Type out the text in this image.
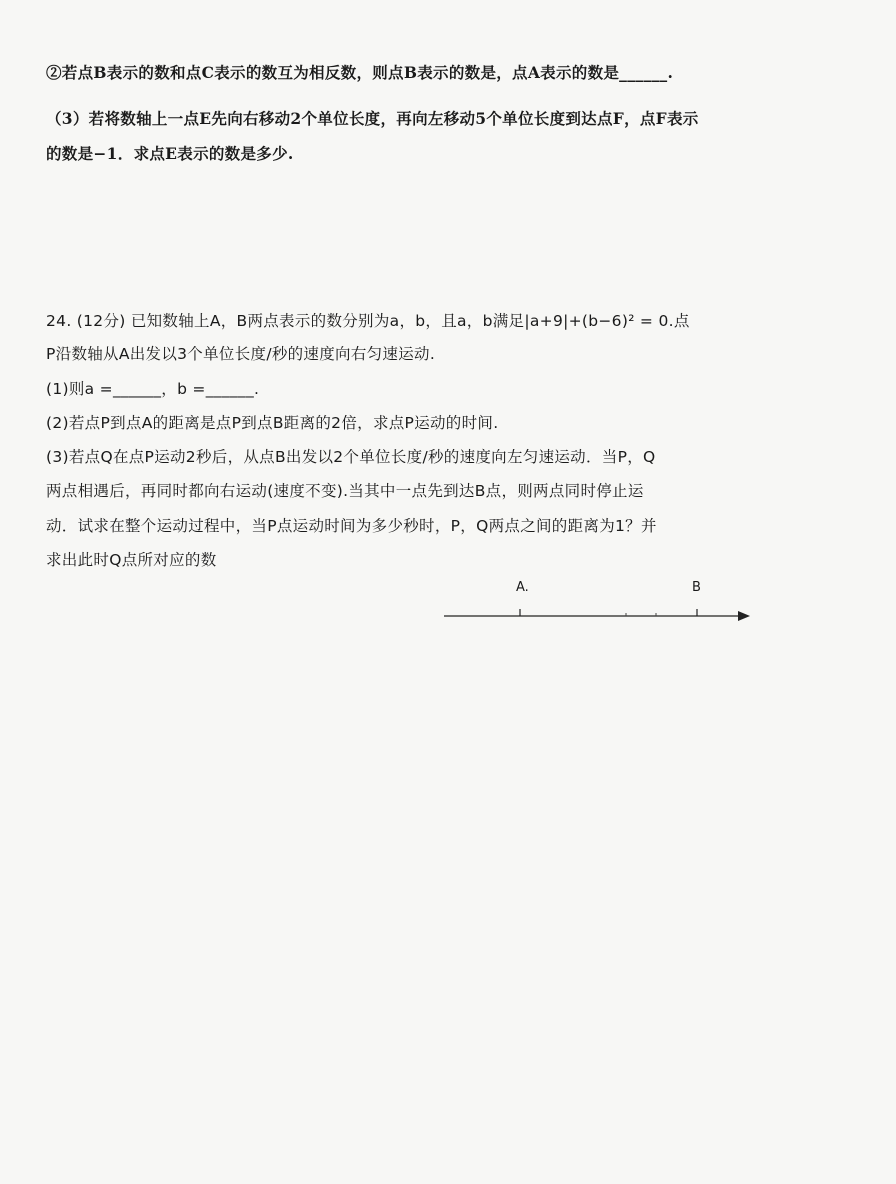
②若点B表示的数和点C表示的数互为相反数，则点B表示的数是，点A表示的数是______.
（3）若将数轴上一点E先向右移动2个单位长度，再向左移动5个单位长度到达点F，点F表示
的数是−1．求点E表示的数是多少.
24. (12分) 已知数轴上A，B两点表示的数分别为a，b，且a，b满足|a+9|+(b−6)² = 0.点
P沿数轴从A出发以3个单位长度/秒的速度向右匀速运动.
(1)则a =______，b =______.
(2)若点P到点A的距离是点P到点B距离的2倍，求点P运动的时间.
(3)若点Q在点P运动2秒后，从点B出发以2个单位长度/秒的速度向左匀速运动．当P，Q
两点相遇后，再同时都向右运动(速度不变).当其中一点先到达B点，则两点同时停止运
动．试求在整个运动过程中，当P点运动时间为多少秒时，P，Q两点之间的距离为1？并
求出此时Q点所对应的数
A.	B
